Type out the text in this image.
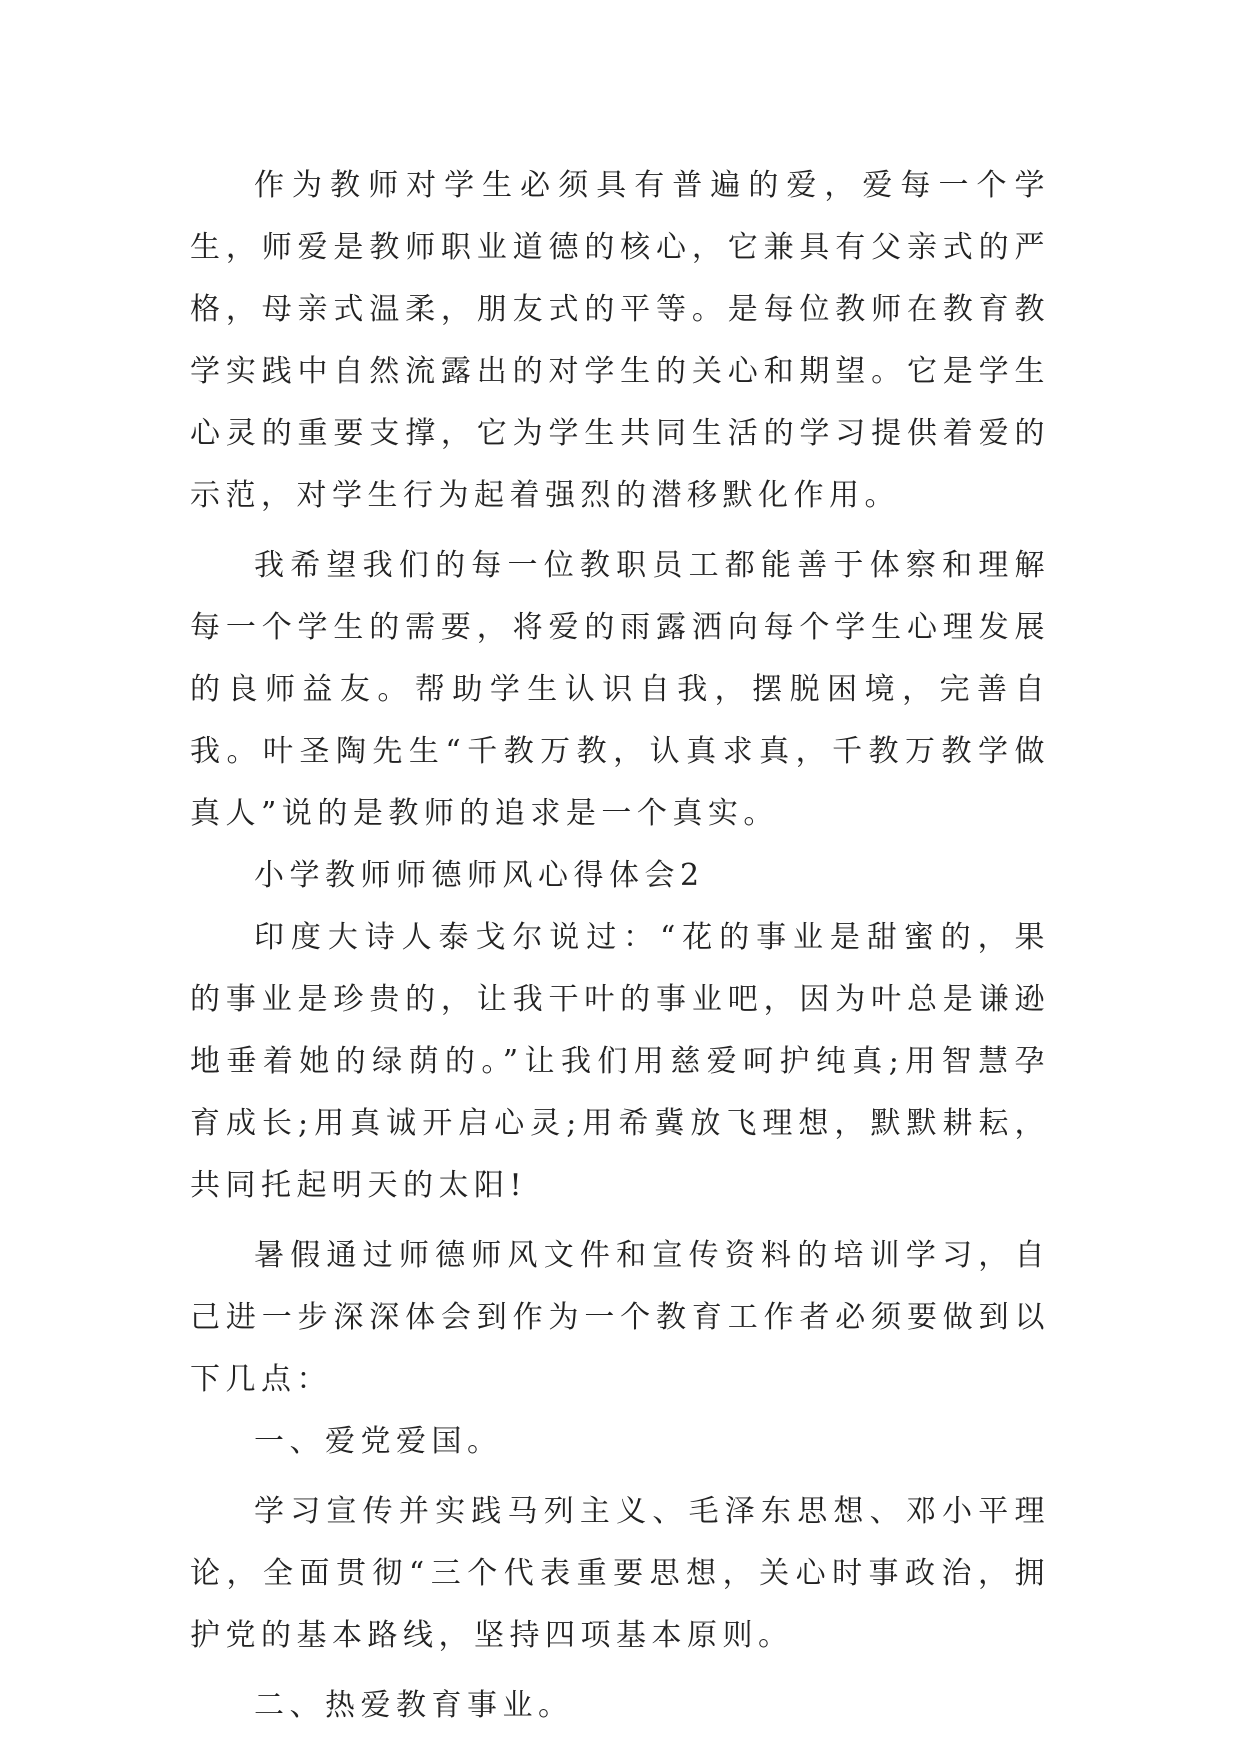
作为教师对学生必须具有普遍的爱，爱每一个学生，师爱是教师职业道德的核心，它兼具有父亲式的严格，母亲式温柔，朋友式的平等。是每位教师在教育教学实践中自然流露出的对学生的关心和期望。它是学生心灵的重要支撑，它为学生共同生活的学习提供着爱的示范，对学生行为起着强烈的潜移默化作用。

我希望我们的每一位教职员工都能善于体察和理解每一个学生的需要，将爱的雨露洒向每个学生心理发展的良师益友。帮助学生认识自我，摆脱困境，完善自我。叶圣陶先生“千教万教，认真求真，千教万教学做真人”说的是教师的追求是一个真实。

小学教师师德师风心得体会2

印度大诗人泰戈尔说过：“花的事业是甜蜜的，果的事业是珍贵的，让我干叶的事业吧，因为叶总是谦逊地垂着她的绿荫的。”让我们用慈爱呵护纯真;用智慧孕育成长;用真诚开启心灵;用希冀放飞理想，默默耕耘，共同托起明天的太阳!

暑假通过师德师风文件和宣传资料的培训学习，自己进一步深深体会到作为一个教育工作者必须要做到以下几点：

一、爱党爱国。

学习宣传并实践马列主义、毛泽东思想、邓小平理论，全面贯彻“三个代表重要思想，关心时事政治，拥护党的基本路线，坚持四项基本原则。

二、热爱教育事业。
